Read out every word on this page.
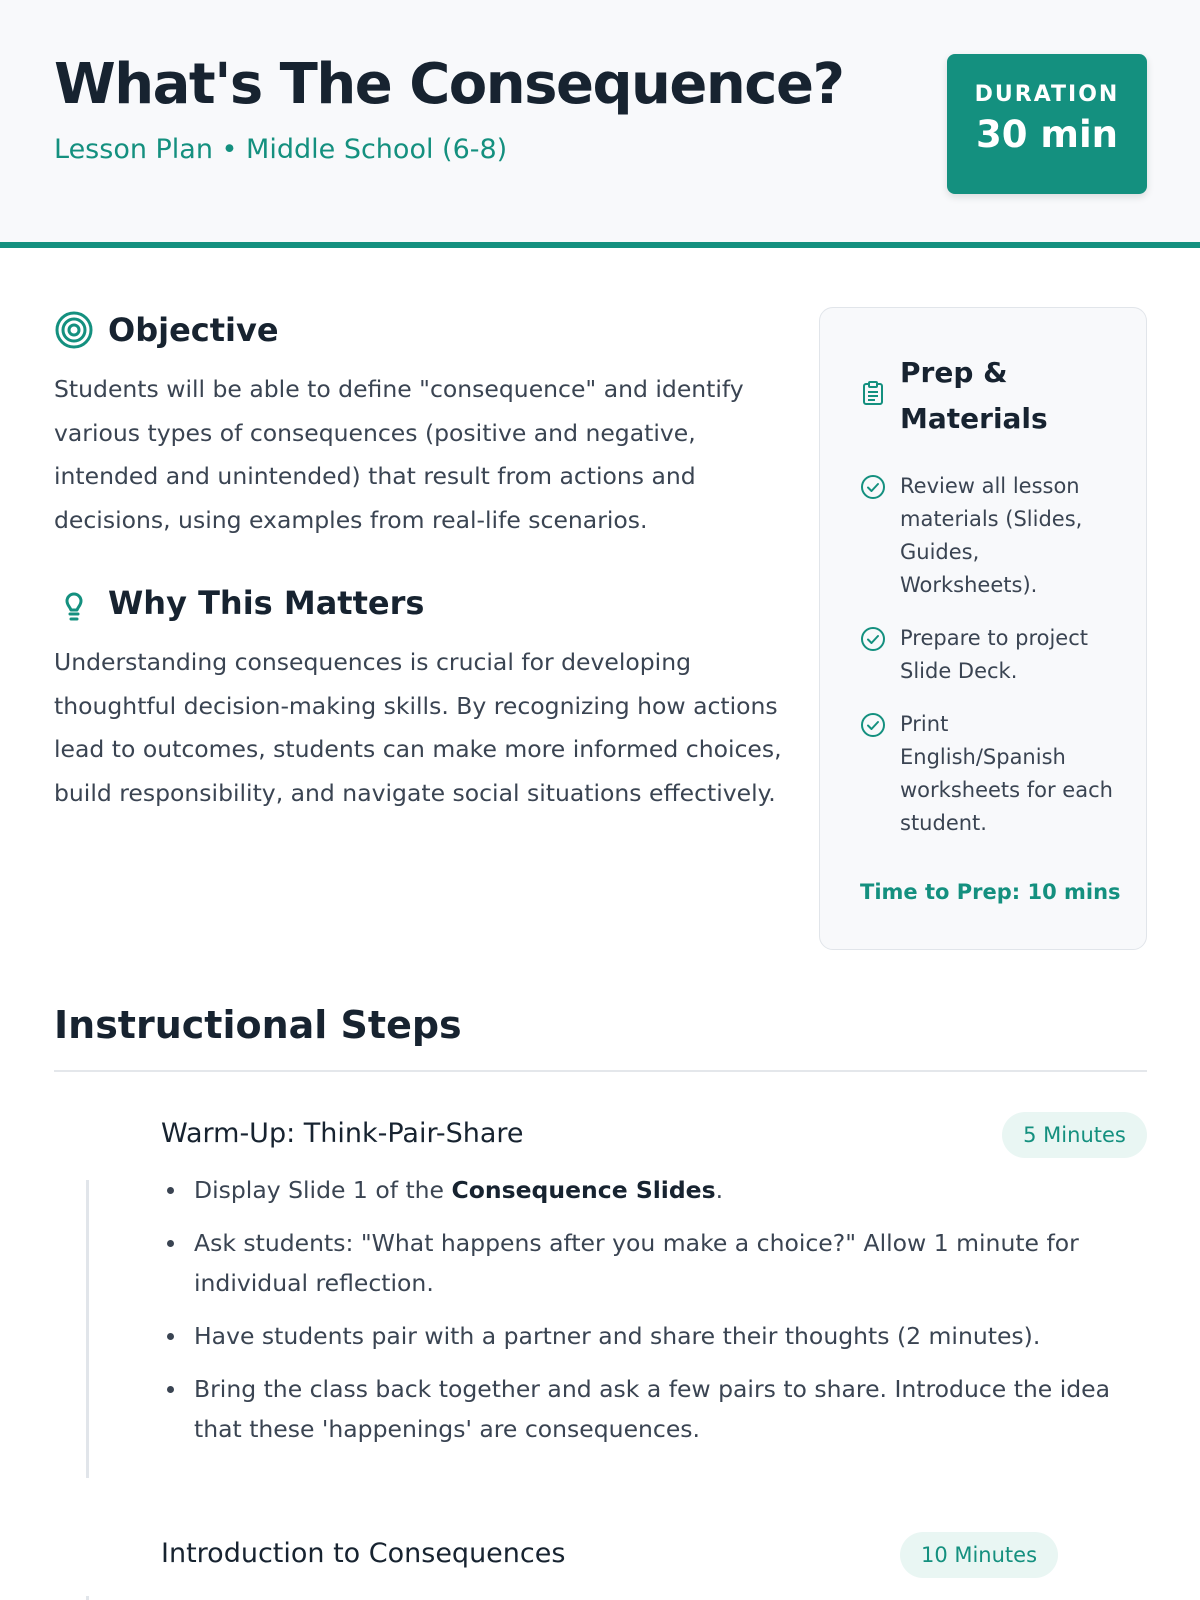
What's The Consequence?
Lesson Plan • Middle School (6-8)
DURATION
30 min
Objective

Students will be able to define "consequence" and identify various types of consequences (positive and negative, intended and unintended) that result from actions and decisions, using examples from real-life scenarios.

Why This Matters

Understanding consequences is crucial for developing thoughtful decision-making skills. By recognizing how actions lead to outcomes, students can make more informed choices, build responsibility, and navigate social situations effectively.

Prep & Materials
Review all lesson materials (Slides, Guides, Worksheets).
Prepare to project Slide Deck.
Print English/Spanish worksheets for each student.
Time to Prep: 10 mins
Instructional Steps
Warm-Up: Think-Pair-Share	5 Minutes
Display Slide 1 of the Consequence Slides.
Ask students: "What happens after you make a choice?" Allow 1 minute for individual reflection.
Have students pair with a partner and share their thoughts (2 minutes).
Bring the class back together and ask a few pairs to share. Introduce the idea that these 'happenings' are consequences.
Introduction to Consequences	10 Minutes
